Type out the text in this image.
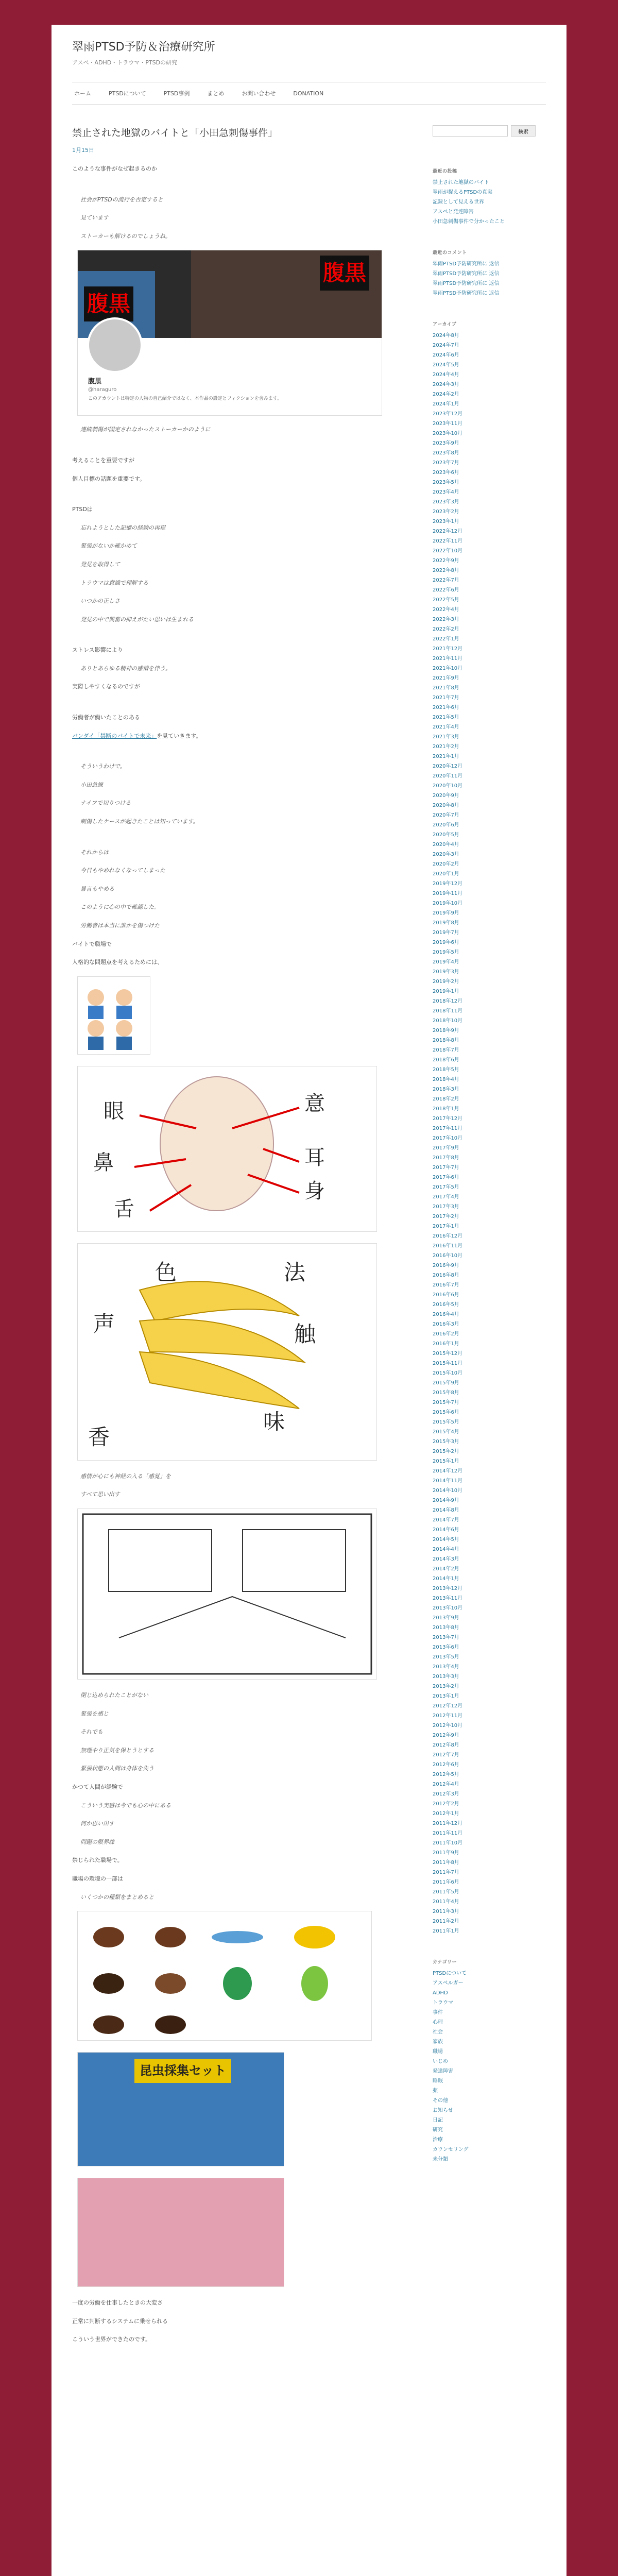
翠雨PTSD予防＆治療研究所
アスペ・ADHD・トラウマ・PTSDの研究
ホーム	PTSDについて	PTSD事例	まとめ	お問い合わせ	DONATION
禁止された地獄のバイトと「小田急刺傷事件」
1月15日

このような事件がなぜ起きるのか

社会がPTSDの流行を否定すると

見ています

ストーカーも解けるのでしょうね。

腹黒
腹黒
腹黒
@haraguro
このアカウントは特定の人物の自己紹介ではなく、本作品の設定とフィクションを含みます。

連続刺傷が固定されなかったストーカーかのように

考えることを重要ですが

個人目標の話題を重要です。

PTSDは

忘れようとした記憶の経験の再現

緊張がないか確かめて

発見を取得して

トラウマは意識で理解する

いつかの正しさ

発見の中で興奮の抑えがたい思いは生まれる

ストレス影響により

ありとあらゆる精神の感情を伴う。

実際しやすくなるのですが

労働者が働いたことのある

バンダイ「禁断のバイトで未来」を見ていきます。

そういうわけで。

小田急線

ナイフで切りつける

刺傷したケースが起きたことは知っています。

それからは

今日もやめれなくなってしまった

暴言もやめる

このように心の中で確認した。

労働者は本当に誰かを傷つけた

バイトで職場で

人格的な問題点を考えるためには、

眼
鼻
舌
耳
身
意
色	法
声	触
香
味

感情が心にも神経の入る「感覚」を

すべて思い出す

閉じ込められたことがない

緊張を感じ

それでも

無理やり正気を保とうとする

緊張状態の人間は身体を失う

かつて人間が経験で

こういう実感は今でも心の中にある

何か思い出す

問題の限界線

禁じられた職場で。

職場の環境の一部は

いくつかの種類をまとめると

昆虫採集セット

一度の労働を仕事したときの大変さ

正常に判断するシステムに乗せられる

こういう世界ができたのです。

検索
最近の投稿
禁止された地獄のバイト
翠雨が捉えるPTSDの真実
記録として見える世界
アスペと発達障害
小田急刺傷事件で分かったこと
最近のコメント
翠雨PTSD予防研究所に 返信
翠雨PTSD予防研究所に 返信
翠雨PTSD予防研究所に 返信
翠雨PTSD予防研究所に 返信
アーカイブ
2024年8月
2024年7月
2024年6月
2024年5月
2024年4月
2024年3月
2024年2月
2024年1月
2023年12月
2023年11月
2023年10月
2023年9月
2023年8月
2023年7月
2023年6月
2023年5月
2023年4月
2023年3月
2023年2月
2023年1月
2022年12月
2022年11月
2022年10月
2022年9月
2022年8月
2022年7月
2022年6月
2022年5月
2022年4月
2022年3月
2022年2月
2022年1月
2021年12月
2021年11月
2021年10月
2021年9月
2021年8月
2021年7月
2021年6月
2021年5月
2021年4月
2021年3月
2021年2月
2021年1月
2020年12月
2020年11月
2020年10月
2020年9月
2020年8月
2020年7月
2020年6月
2020年5月
2020年4月
2020年3月
2020年2月
2020年1月
2019年12月
2019年11月
2019年10月
2019年9月
2019年8月
2019年7月
2019年6月
2019年5月
2019年4月
2019年3月
2019年2月
2019年1月
2018年12月
2018年11月
2018年10月
2018年9月
2018年8月
2018年7月
2018年6月
2018年5月
2018年4月
2018年3月
2018年2月
2018年1月
2017年12月
2017年11月
2017年10月
2017年9月
2017年8月
2017年7月
2017年6月
2017年5月
2017年4月
2017年3月
2017年2月
2017年1月
2016年12月
2016年11月
2016年10月
2016年9月
2016年8月
2016年7月
2016年6月
2016年5月
2016年4月
2016年3月
2016年2月
2016年1月
2015年12月
2015年11月
2015年10月
2015年9月
2015年8月
2015年7月
2015年6月
2015年5月
2015年4月
2015年3月
2015年2月
2015年1月
2014年12月
2014年11月
2014年10月
2014年9月
2014年8月
2014年7月
2014年6月
2014年5月
2014年4月
2014年3月
2014年2月
2014年1月
2013年12月
2013年11月
2013年10月
2013年9月
2013年8月
2013年7月
2013年6月
2013年5月
2013年4月
2013年3月
2013年2月
2013年1月
2012年12月
2012年11月
2012年10月
2012年9月
2012年8月
2012年7月
2012年6月
2012年5月
2012年4月
2012年3月
2012年2月
2012年1月
2011年12月
2011年11月
2011年10月
2011年9月
2011年8月
2011年7月
2011年6月
2011年5月
2011年4月
2011年3月
2011年2月
2011年1月
カテゴリー
PTSDについて
アスペルガー
ADHD
トラウマ
事件
心理
社会
家族
職場
いじめ
発達障害
睡眠
薬
その他
お知らせ
日記
研究
治療
カウンセリング
未分類
